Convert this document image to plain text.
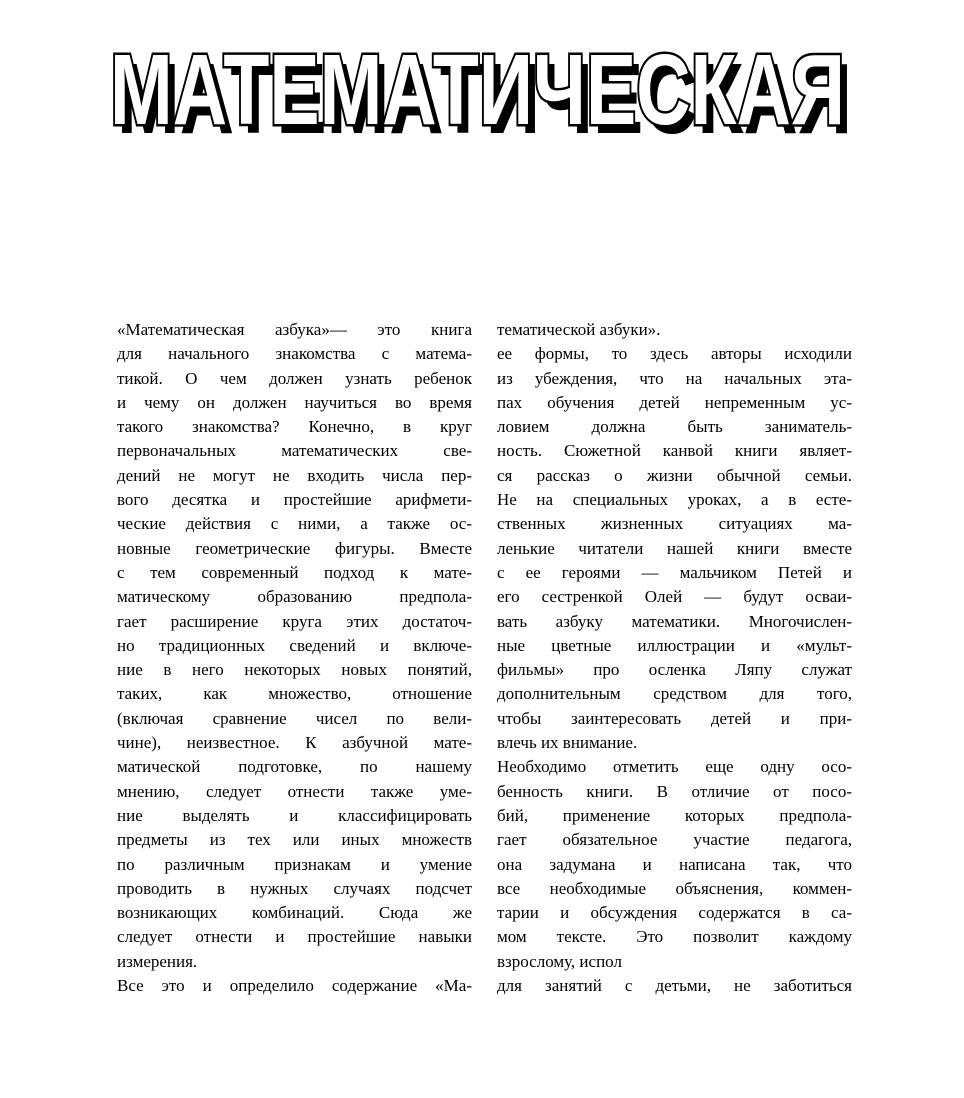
МАТЕМАТИЧЕСКАЯ
МАТЕМАТИЧЕСКАЯ
«Математическая азбука»— это книга
для начального знакомства с матема-
тикой. О чем должен узнать ребенок
и чему он должен научиться во время
такого знакомства? Конечно, в круг
первоначальных математических све-
дений не могут не входить числа пер-
вого десятка и простейшие арифмети-
ческие действия с ними, а также ос-
новные геометрические фигуры. Вместе
с тем современный подход к мате-
матическому образованию предпола-
гает расширение круга этих достаточ-
но традиционных сведений и включе-
ние в него некоторых новых понятий,
таких, как множество, отношение
(включая сравнение чисел по вели-
чине), неизвестное. К азбучной мате-
матической подготовке, по нашему
мнению, следует отнести также уме-
ние выделять и классифицировать
предметы из тех или иных множеств
по различным признакам и умение
проводить в нужных случаях подсчет
возникающих комбинаций. Сюда же
следует отнести и простейшие навыки
измерения.
Все это и определило содержание «Ма-
тематической азбуки».
ее формы, то здесь авторы исходили
из убеждения, что на начальных эта-
пах обучения детей непременным ус-
ловием должна быть заниматель-
ность. Сюжетной канвой книги являет-
ся рассказ о жизни обычной семьи.
Не на специальных уроках, а в есте-
ственных жизненных ситуациях ма-
ленькие читатели нашей книги вместе
с ее героями — мальчиком Петей и
его сестренкой Олей — будут осваи-
вать азбуку математики. Многочислен-
ные цветные иллюстрации и «мульт-
фильмы» про осленка Ляпу служат
дополнительным средством для того,
чтобы заинтересовать детей и при-
влечь их внимание.
Необходимо отметить еще одну осо-
бенность книги. В отличие от посо-
бий, применение которых предпола-
гает обязательное участие педагога,
она задумана и написана так, что
все необходимые объяснения, коммен-
тарии и обсуждения содержатся в са-
мом тексте. Это позволит каждому
взрослому, испол
для занятий с детьми, не заботиться
